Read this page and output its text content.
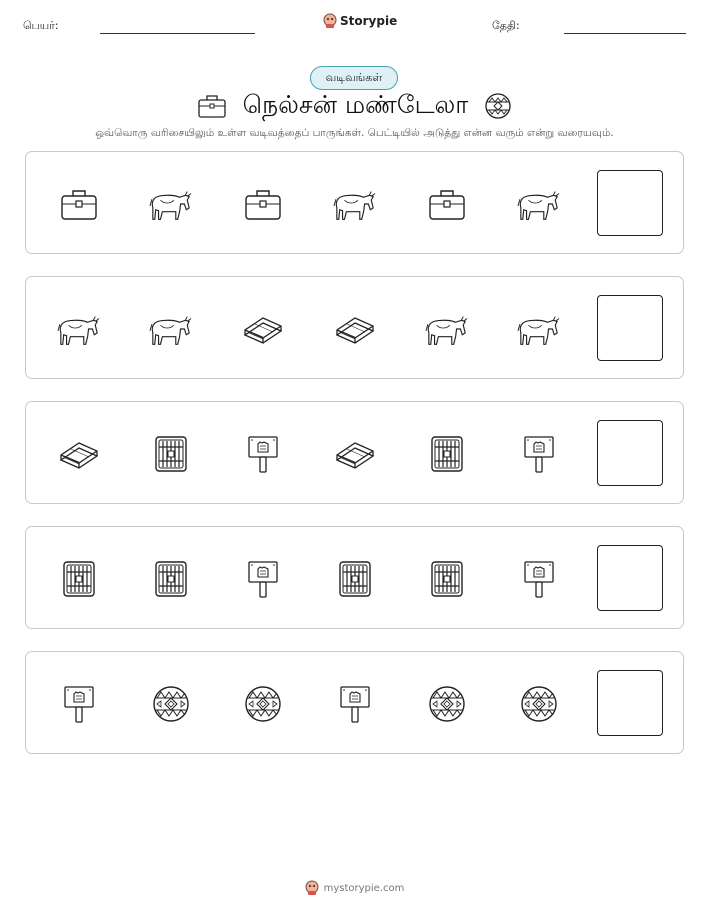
பெயர்:	Storypie	தேதி:
வடிவங்கள்
நெல்சன் மண்டேலா
ஒவ்வொரு வரிசையிலும் உள்ள வடிவத்தைப் பாருங்கள். பெட்டியில் அடுத்து என்ன வரும் என்று வரையவும்.
mystorypie.com
